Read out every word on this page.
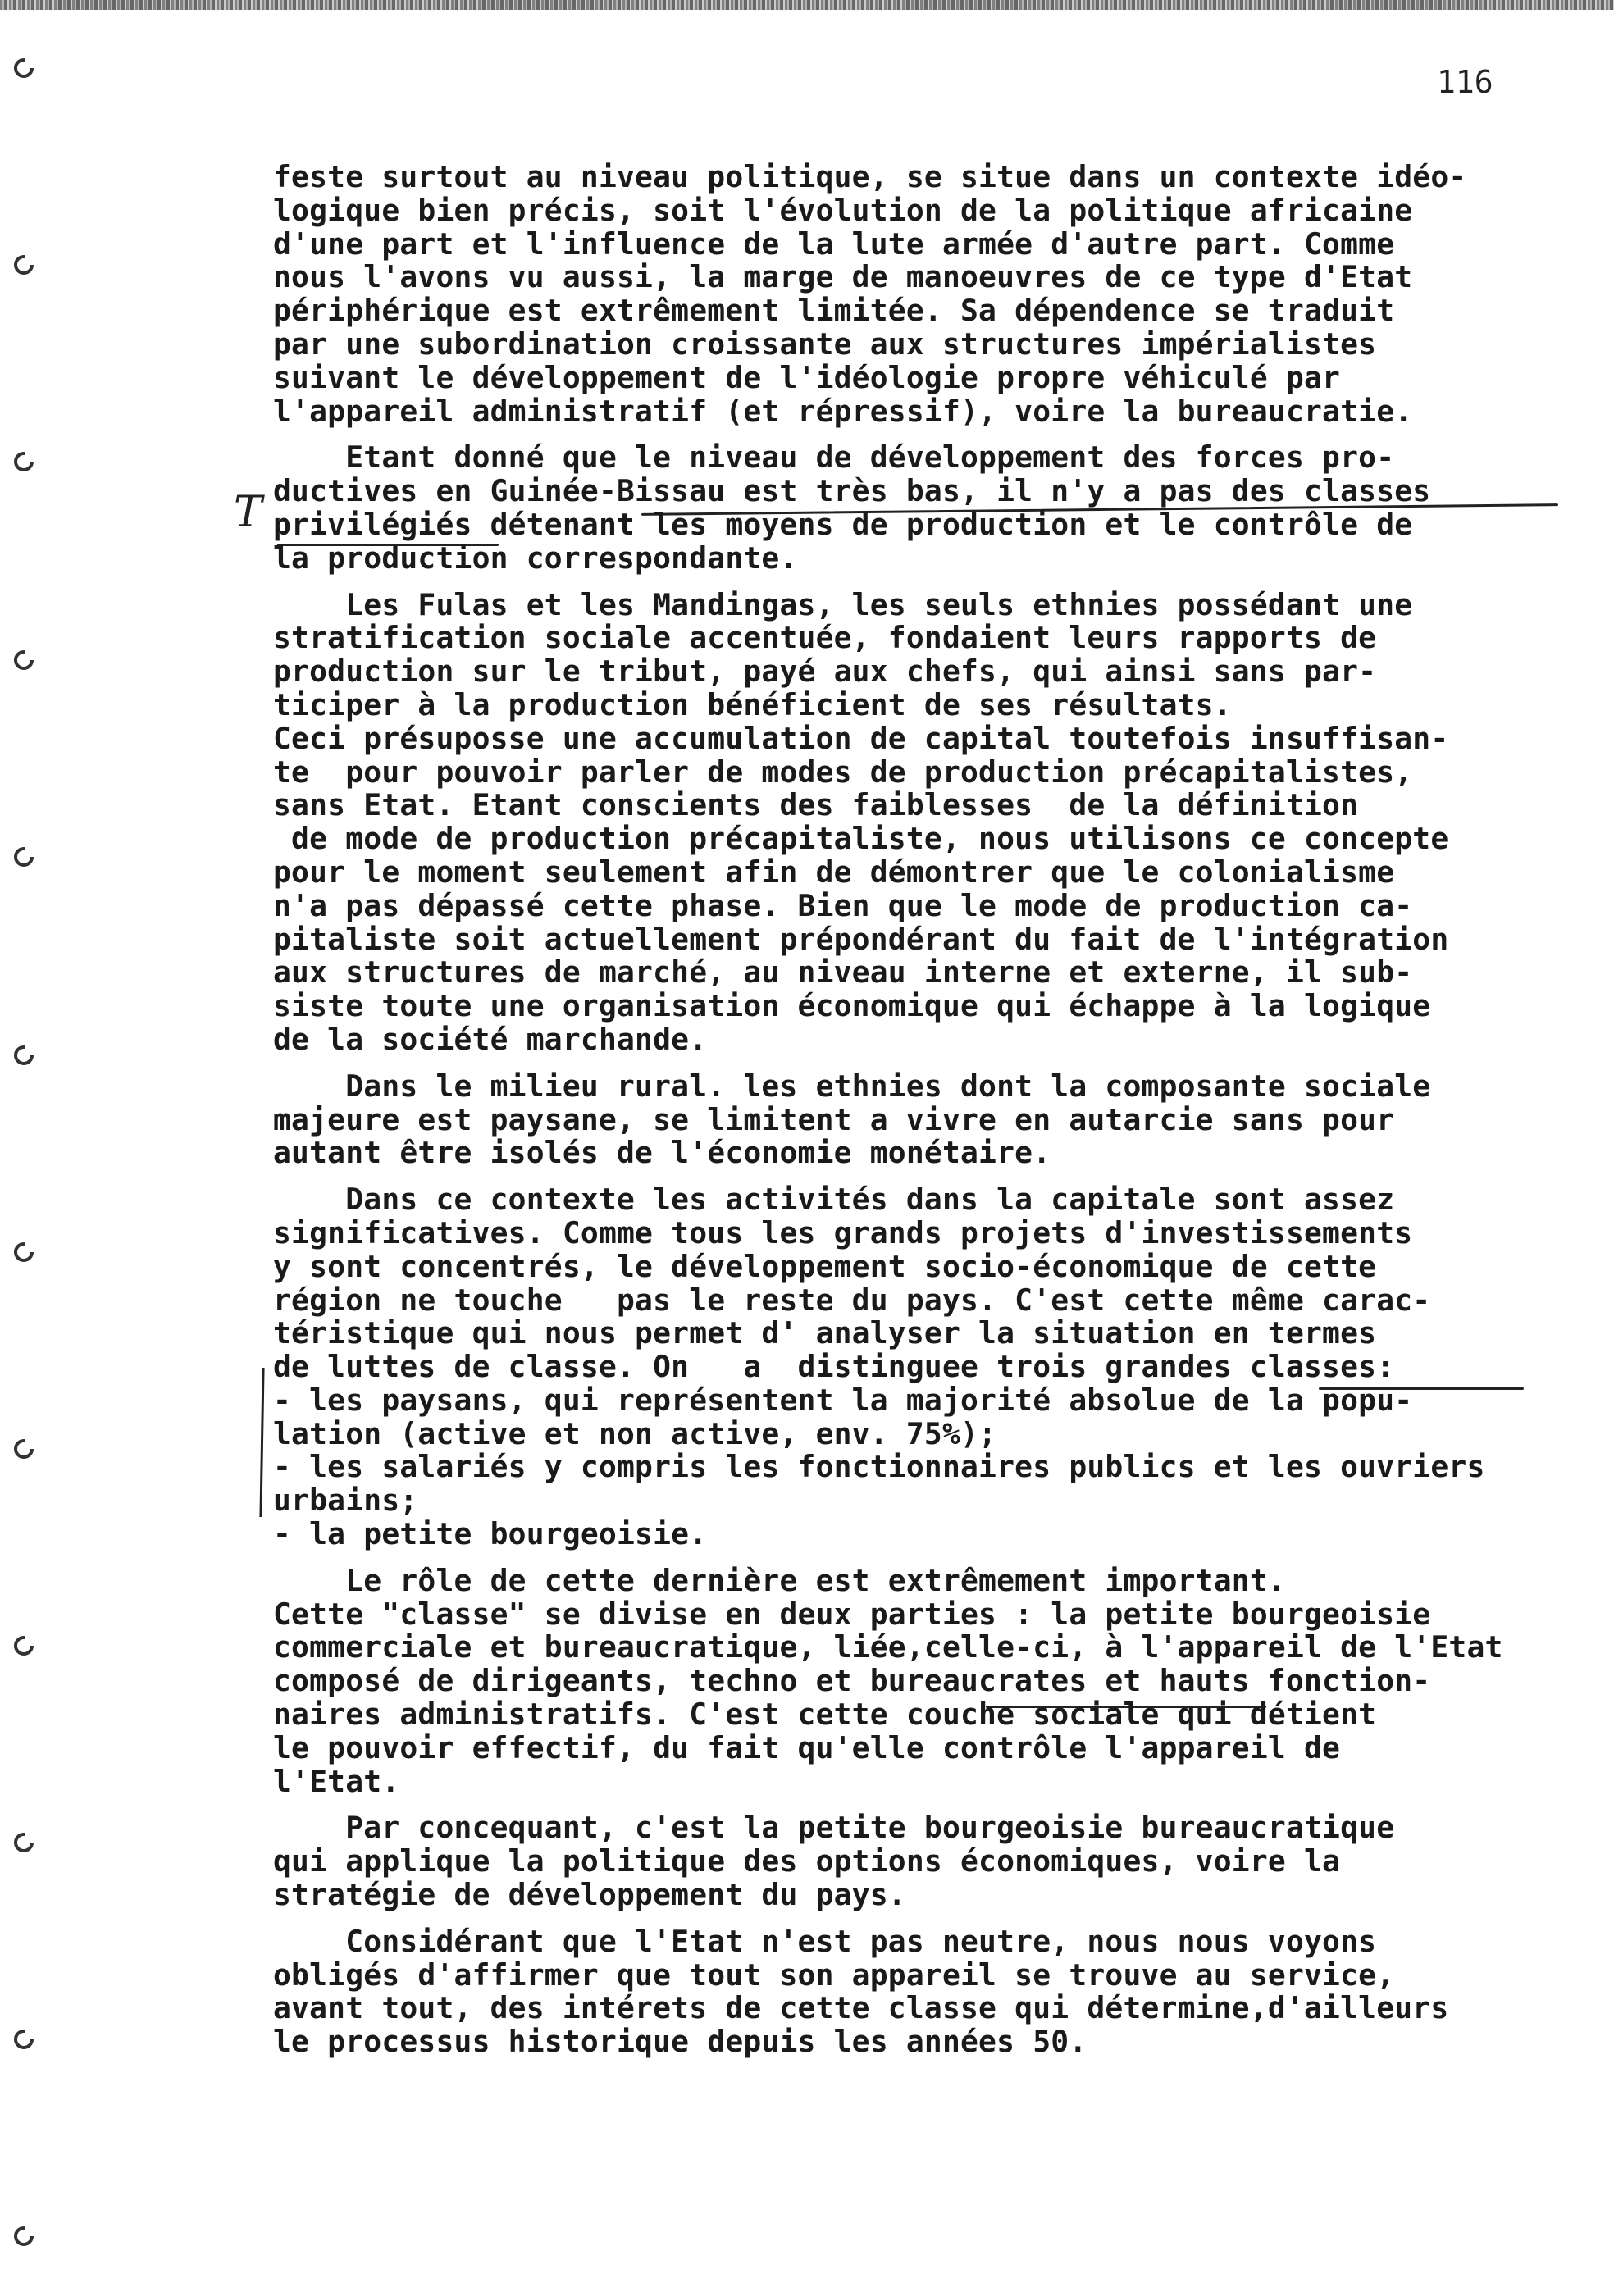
116
T
feste surtout au niveau politique, se situe dans un contexte idéo-
logique bien précis, soit l'évolution de la politique africaine
d'une part et l'influence de la lute armée d'autre part. Comme
nous l'avons vu aussi, la marge de manoeuvres de ce type d'Etat
périphérique est extrêmement limitée. Sa dépendence se traduit
par une subordination croissante aux structures impérialistes
suivant le développement de l'idéologie propre véhiculé par
l'appareil administratif (et répressif), voire la bureaucratie.
Etant donné que le niveau de développement des forces pro-
ductives en Guinée-Bissau est très bas, il n'y a pas des classes
privilégiés détenant les moyens de production et le contrôle de
la production correspondante.
Les Fulas et les Mandingas, les seuls ethnies possédant une
stratification sociale accentuée, fondaient leurs rapports de
production sur le tribut, payé aux chefs, qui ainsi sans par-
ticiper à la production bénéficient de ses résultats.
Ceci présuposse une accumulation de capital toutefois insuffisan-
te  pour pouvoir parler de modes de production précapitalistes,
sans Etat. Etant conscients des faiblesses  de la définition
de mode de production précapitaliste, nous utilisons ce concepte
pour le moment seulement afin de démontrer que le colonialisme
n'a pas dépassé cette phase. Bien que le mode de production ca-
pitaliste soit actuellement prépondérant du fait de l'intégration
aux structures de marché, au niveau interne et externe, il sub-
siste toute une organisation économique qui échappe à la logique
de la société marchande.
Dans le milieu rural. les ethnies dont la composante sociale
majeure est paysane, se limitent a vivre en autarcie sans pour
autant être isolés de l'économie monétaire.
Dans ce contexte les activités dans la capitale sont assez
significatives. Comme tous les grands projets d'investissements
y sont concentrés, le développement socio-économique de cette
région ne touche   pas le reste du pays. C'est cette même carac-
téristique qui nous permet d' analyser la situation en termes
de luttes de classe. On   a  distinguee trois grandes classes:
- les paysans, qui représentent la majorité absolue de la popu-
lation (active et non active, env. 75%);
- les salariés y compris les fonctionnaires publics et les ouvriers
urbains;
- la petite bourgeoisie.
Le rôle de cette dernière est extrêmement important.
Cette "classe" se divise en deux parties : la petite bourgeoisie
commerciale et bureaucratique, liée,celle-ci, à l'appareil de l'Etat
composé de dirigeants, techno et bureaucrates et hauts fonction-
naires administratifs. C'est cette couche sociale qui détient
le pouvoir effectif, du fait qu'elle contrôle l'appareil de
l'Etat.
Par concequant, c'est la petite bourgeoisie bureaucratique
qui applique la politique des options économiques, voire la
stratégie de développement du pays.
Considérant que l'Etat n'est pas neutre, nous nous voyons
obligés d'affirmer que tout son appareil se trouve au service,
avant tout, des intérets de cette classe qui détermine,d'ailleurs
le processus historique depuis les années 50.
